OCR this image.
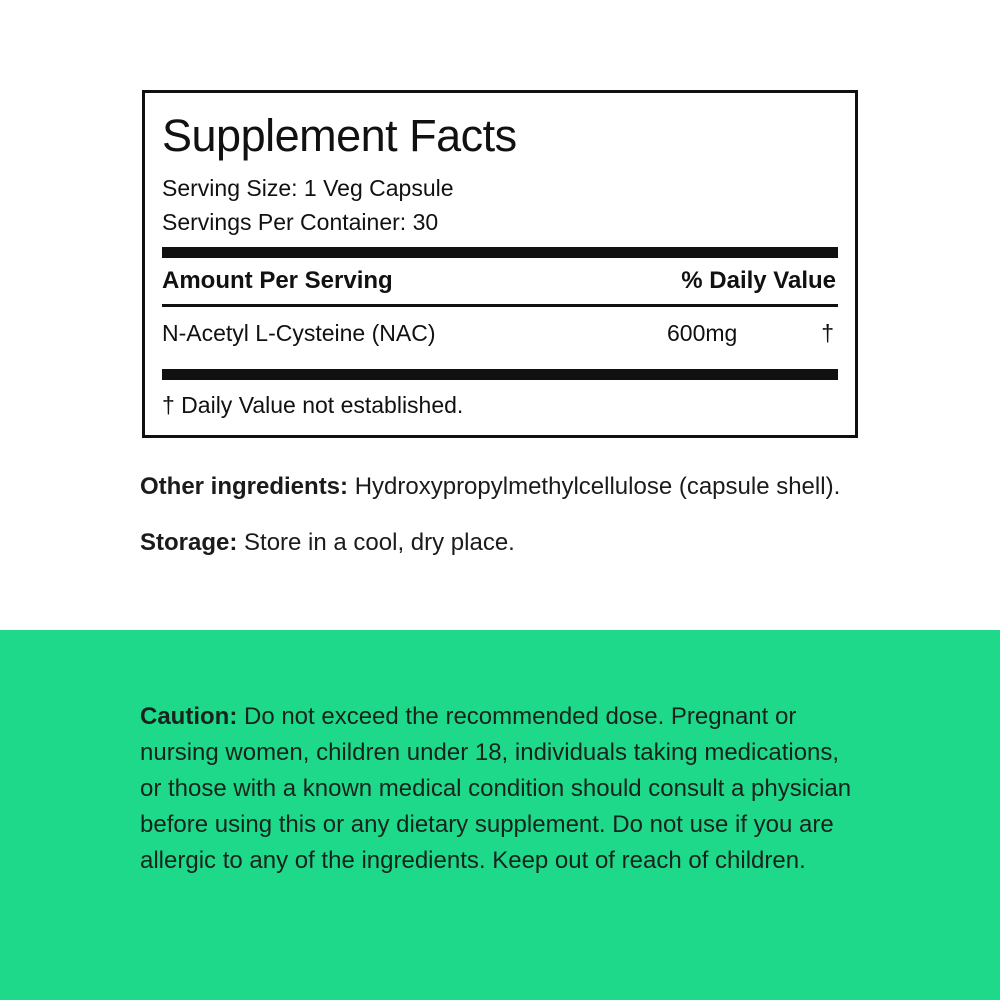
Supplement Facts
Serving Size: 1 Veg Capsule
Servings Per Container: 30
Amount Per Serving	% Daily Value
N-Acetyl L-Cysteine (NAC)	600mg	†
† Daily Value not established.

Other ingredients: Hydroxypropylmethylcellulose (capsule shell).

Storage: Store in a cool, dry place.

Caution: Do not exceed the recommended dose. Pregnant or nursing women, children under 18, individuals taking medications, or those with a known medical condition should consult a physician before using this or any dietary supplement. Do not use if you are allergic to any of the ingredients. Keep out of reach of children.
